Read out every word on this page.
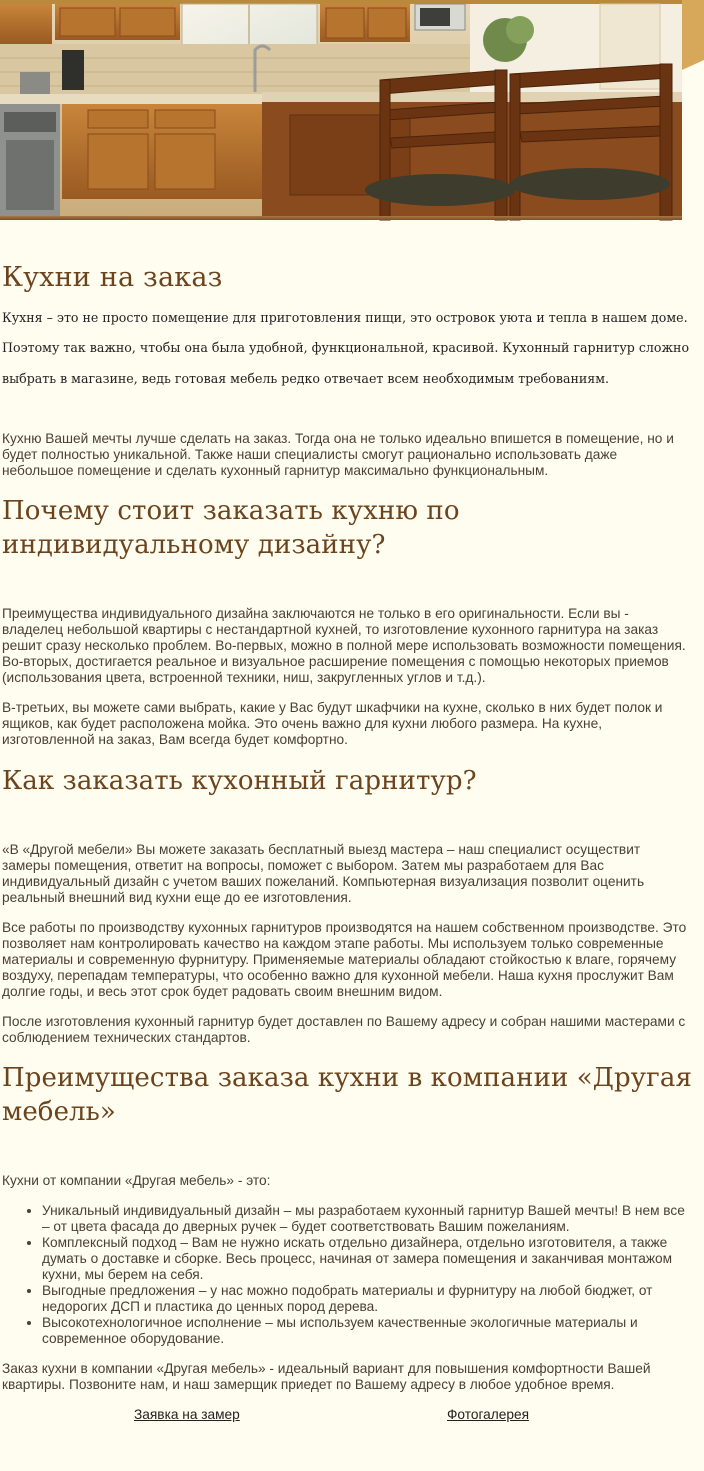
Кухни на заказ

Кухня – это не просто помещение для приготовления пищи, это островок уюта и тепла в нашем доме. Поэтому так важно, чтобы она была удобной, функциональной, красивой. Кухонный гарнитур сложно выбрать в магазине, ведь готовая мебель редко отвечает всем необходимым требованиям.

Кухню Вашей мечты лучше сделать на заказ. Тогда она не только идеально впишется в помещение, но и будет полностью уникальной. Также наши специалисты смогут рационально использовать даже небольшое помещение и сделать кухонный гарнитур максимально функциональным.

Почему стоит заказать кухню по индивидуальному дизайну?

Преимущества индивидуального дизайна заключаются не только в его оригинальности. Если вы - владелец небольшой квартиры с нестандартной кухней, то изготовление кухонного гарнитура на заказ решит сразу несколько проблем. Во-первых, можно в полной мере использовать возможности помещения. Во-вторых, достигается реальное и визуальное расширение помещения с помощью некоторых приемов (использования цвета, встроенной техники, ниш, закругленных углов и т.д.).

В-третьих, вы можете сами выбрать, какие у Вас будут шкафчики на кухне, сколько в них будет полок и ящиков, как будет расположена мойка. Это очень важно для кухни любого размера. На кухне, изготовленной на заказ, Вам всегда будет комфортно.

Как заказать кухонный гарнитур?

«В «Другой мебели» Вы можете заказать бесплатный выезд мастера – наш специалист осуществит замеры помещения, ответит на вопросы, поможет с выбором. Затем мы разработаем для Вас индивидуальный дизайн с учетом ваших пожеланий. Компьютерная визуализация позволит оценить реальный внешний вид кухни еще до ее изготовления.

Все работы по производству кухонных гарнитуров производятся на нашем собственном производстве. Это позволяет нам контролировать качество на каждом этапе работы. Мы используем только современные материалы и современную фурнитуру. Применяемые материалы обладают стойкостью к влаге, горячему воздуху, перепадам температуры, что особенно важно для кухонной мебели. Наша кухня прослужит Вам долгие годы, и весь этот срок будет радовать своим внешним видом.

После изготовления кухонный гарнитур будет доставлен по Вашему адресу и собран нашими мастерами с соблюдением технических стандартов.

Преимущества заказа кухни в компании «Другая мебель»

Кухни от компании «Другая мебель» - это:

• Уникальный индивидуальный дизайн – мы разработаем кухонный гарнитур Вашей мечты! В нем все – от цвета фасада до дверных ручек – будет соответствовать Вашим пожеланиям.
• Комплексный подход – Вам не нужно искать отдельно дизайнера, отдельно изготовителя, а также думать о доставке и сборке. Весь процесс, начиная от замера помещения и заканчивая монтажом кухни, мы берем на себя.
• Выгодные предложения – у нас можно подобрать материалы и фурнитуру на любой бюджет, от недорогих ДСП и пластика до ценных пород дерева.
• Высокотехнологичное исполнение – мы используем качественные экологичные материалы и современное оборудование.

Заказ кухни в компании «Другая мебель» - идеальный вариант для повышения комфортности Вашей квартиры. Позвоните нам, и наш замерщик приедет по Вашему адресу в любое удобное время.

Заявка на замер	Фотогалерея
